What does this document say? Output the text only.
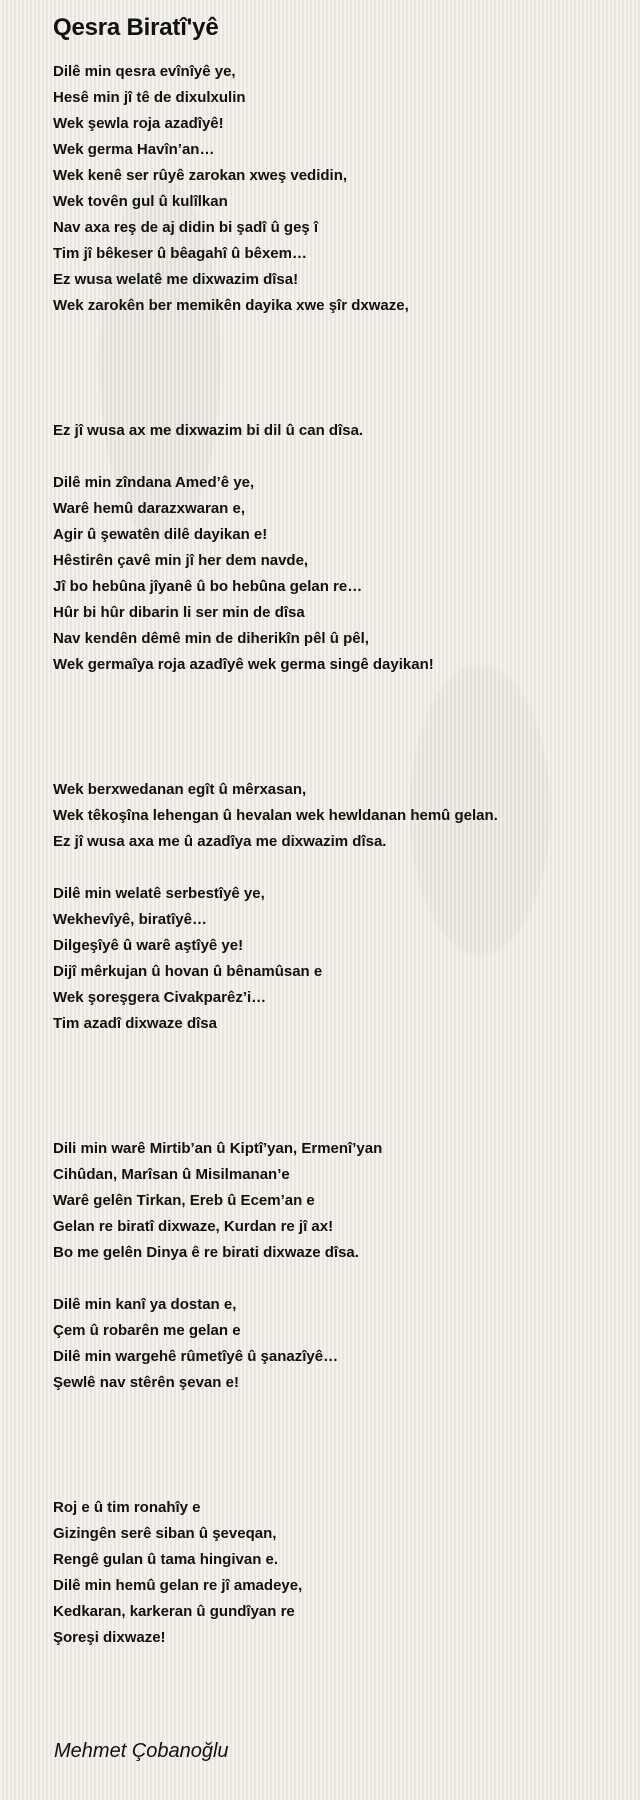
Qesra Biratî'yê
Dilê min qesra evînîyê ye,
Hesê min jî tê de dixulxulin
Wek şewla roja azadîyê!
Wek germa Havîn’an…
Wek kenê ser rûyê zarokan xweş vedidin,
Wek tovên gul û kulîlkan
Nav axa reş de aj didin bi şadî û geş î
Tim jî bêkeser û bêagahî û bêxem…
Ez wusa welatê me dixwazim dîsa!
Wek zarokên ber memikên dayika xwe şîr dxwaze,
Ez jî wusa ax me dixwazim bi dil û can dîsa.
Dilê min zîndana Amed’ê ye,
Warê hemû darazxwaran e,
Agir û şewatên dilê dayikan e!
Hêstirên çavê min jî her dem navde,
Jî bo hebûna jîyanê û bo hebûna gelan re…
Hûr bi hûr dibarin li ser min de dîsa
Nav kendên dêmê min de diherikîn pêl û pêl,
Wek germaîya roja azadîyê wek germa singê dayikan!
Wek berxwedanan egît û mêrxasan,
Wek têkoşîna lehengan û hevalan wek hewldanan hemû gelan.
Ez jî wusa axa me û azadîya me dixwazim dîsa.
Dilê min welatê serbestîyê ye,
Wekhevîyê, biratîyê…
Dilgeşîyê û warê aştîyê ye!
Dijî mêrkujan û hovan û bênamûsan e
Wek şoreşgera Civakparêz’i…
Tim azadî dixwaze dîsa
Dili min warê Mirtib’an û Kiptî’yan, Ermenî’yan
Cihûdan, Marîsan û Misilmanan’e
Warê gelên Tirkan, Ereb û Ecem’an e
Gelan re biratî dixwaze, Kurdan re jî ax!
Bo me gelên Dinya ê re birati dixwaze dîsa.
Dilê min kanî ya dostan e,
Çem û robarên me gelan e
Dilê min wargehê rûmetîyê û şanazîyê…
Şewlê nav stêrên şevan e!
Roj e û tim ronahîy e
Gizingên serê siban û şeveqan,
Rengê gulan û tama hingivan e.
Dilê min hemû gelan re jî amadeye,
Kedkaran, karkeran û gundîyan re
Şoreşi dixwaze!
Mehmet Çobanoğlu
